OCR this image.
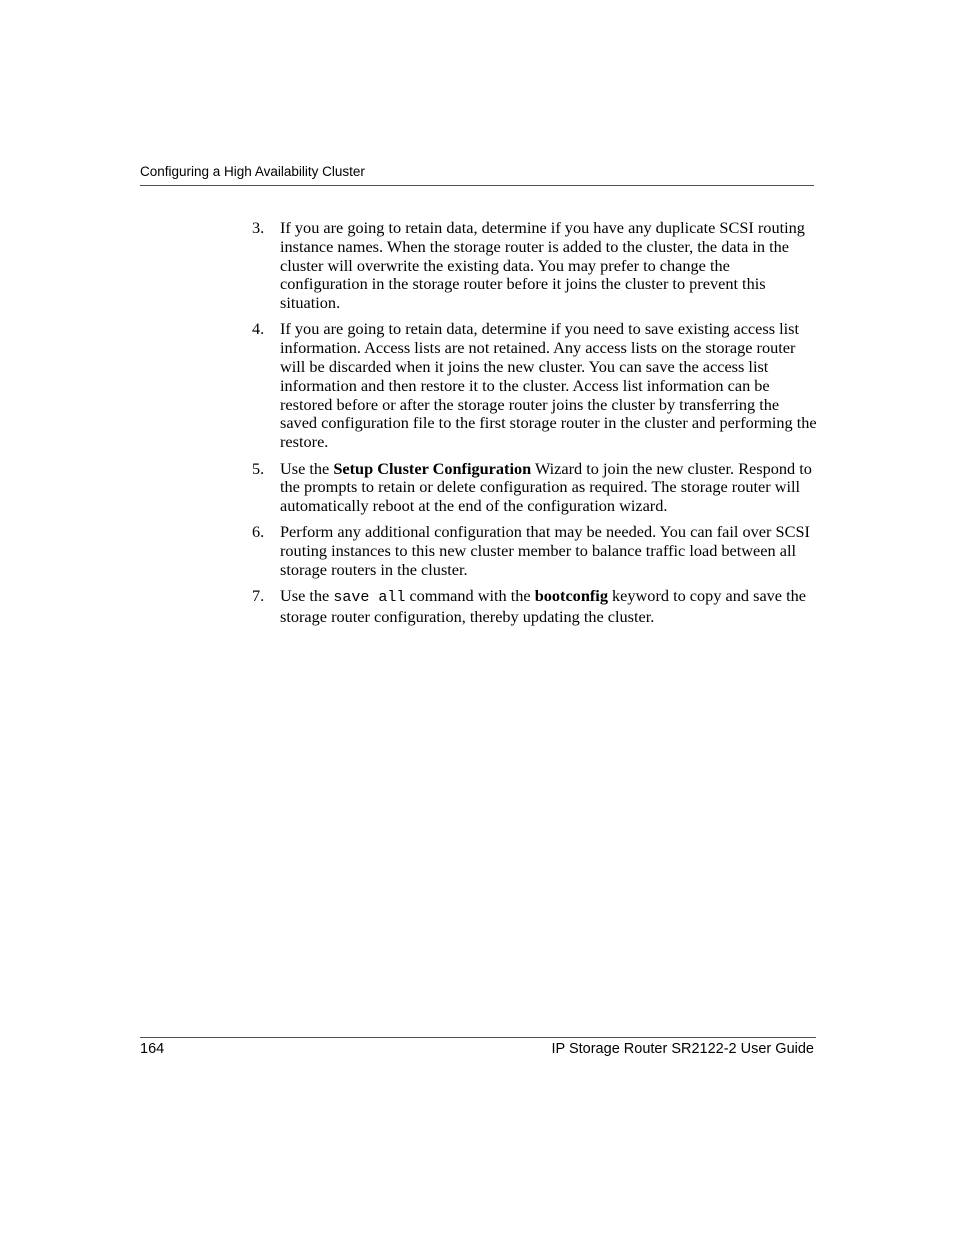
Configuring a High Availability Cluster
3. If you are going to retain data, determine if you have any duplicate SCSI routing instance names. When the storage router is added to the cluster, the data in the cluster will overwrite the existing data. You may prefer to change the configuration in the storage router before it joins the cluster to prevent this situation.
4. If you are going to retain data, determine if you need to save existing access list information. Access lists are not retained. Any access lists on the storage router will be discarded when it joins the new cluster. You can save the access list information and then restore it to the cluster. Access list information can be restored before or after the storage router joins the cluster by transferring the saved configuration file to the first storage router in the cluster and performing the restore.
5. Use the Setup Cluster Configuration Wizard to join the new cluster. Respond to the prompts to retain or delete configuration as required. The storage router will automatically reboot at the end of the configuration wizard.
6. Perform any additional configuration that may be needed. You can fail over SCSI routing instances to this new cluster member to balance traffic load between all storage routers in the cluster.
7. Use the save all command with the bootconfig keyword to copy and save the storage router configuration, thereby updating the cluster.
164	IP Storage Router SR2122-2 User Guide
